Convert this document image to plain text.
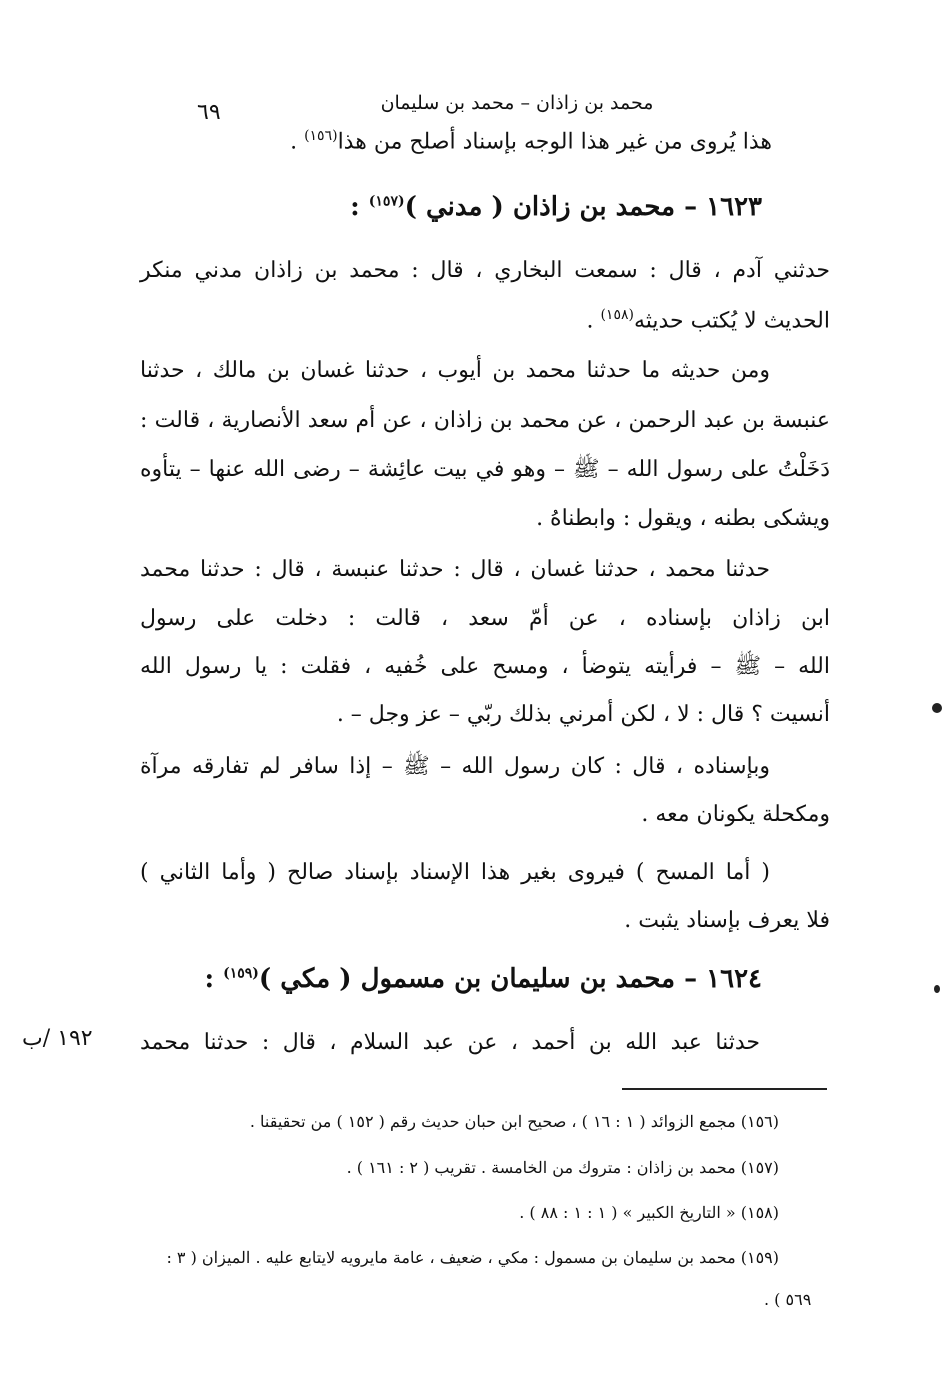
محمد بن زاذان – محمد بن سليمان
٦٩
هذا يُروى من غير هذا الوجه بإسناد أصلح من هذا$^{(١٥٦)}$ .
١٦٢٣ – محمد بن زاذان ( مدني )$^{(١٥٧)}$ :
حدثني آدم ، قال : سمعت البخاري ، قال : محمد بن زاذان مدني منكر
الحديث لا يُكتب حديثه$^{(١٥٨)}$ .
ومن حديثه ما حدثنا محمد بن أيوب ، حدثنا غسان بن مالك ، حدثنا
عنبسة بن عبد الرحمن ، عن محمد بن زاذان ، عن أم سعد الأنصارية ، قالت :
دَخَلْتُ على رسول الله – ﷺ – وهو في بيت عائِشة – رضى الله عنها – يتأوه
ويشكى بطنه ، ويقول : وابطناهُ .
حدثنا محمد ، حدثنا غسان ، قال : حدثنا عنبسة ، قال : حدثنا محمد
ابن زاذان بإسناده ، عن أمّ سعد ، قالت : دخلت على رسول
الله – ﷺ – فرأيته يتوضأ ، ومسح على خُفيه ، فقلت : يا رسول الله
أنسيت ؟ قال : لا ، لكن أمرني بذلك ربّي – عز وجل – .
وبإسناده ، قال : كان رسول الله – ﷺ – إذا سافر لم تفارقه مرآة
ومكحلة يكونان معه .
( أما المسح ) فيروى بغير هذا الإسناد بإسناد صالح ( وأما الثاني )
فلا يعرف بإسناد يثبت .
١٦٢٤ – محمد بن سليمان بن مسمول ( مكي )$^{(١٥٩)}$ :
حدثنا عبد الله بن أحمد ، عن عبد السلام ، قال : حدثنا محمد
١٩٢ /ب
(١٥٦) مجمع الزوائد ( ١ : ١٦ ) ، صحيح ابن حبان حديث رقم ( ١٥٢ ) من تحقيقنا .
(١٥٧) محمد بن زاذان : متروك من الخامسة . تقريب ( ٢ : ١٦١ ) .
(١٥٨) « التاريخ الكبير » ( ١ : ١ : ٨٨ ) .
(١٥٩) محمد بن سليمان بن مسمول : مكي ، ضعيف ، عامة مايرويه لايتابع عليه . الميزان ( ٣ :
٥٦٩ ) .
